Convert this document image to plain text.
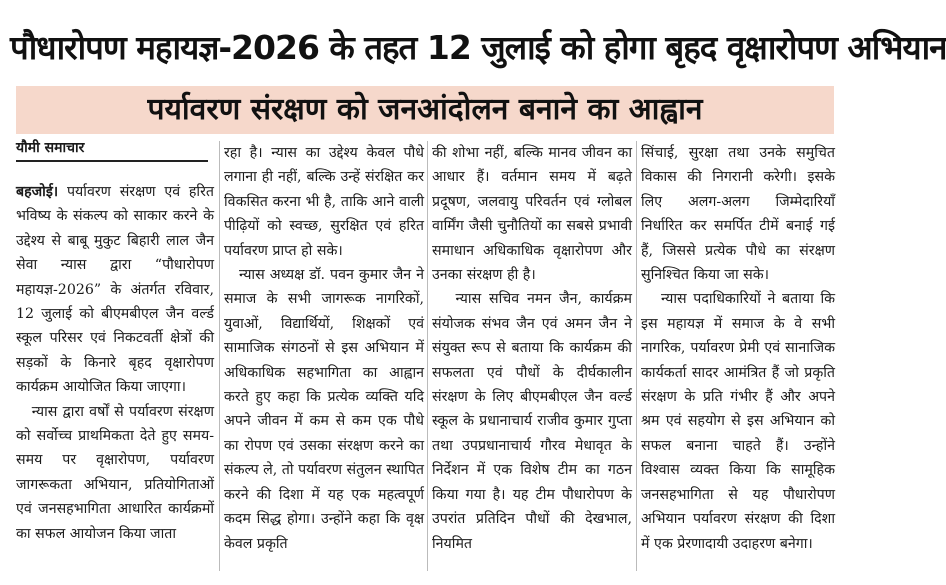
पौधारोपण महायज्ञ-2026 के तहत 12 जुलाई को होगा बृहद वृक्षारोपण अभियान
पर्यावरण संरक्षण को जनआंदोलन बनाने का आह्वान
यौमी समाचार

बहजोई। पर्यावरण संरक्षण एवं हरित भविष्य के संकल्प को साकार करने के उद्देश्य से बाबू मुकुट बिहारी लाल जैन सेवा न्यास द्वारा “पौधारोपण महायज्ञ-2026” के अंतर्गत रविवार, 12 जुलाई को बीएमबीएल जैन वर्ल्ड स्कूल परिसर एवं निकटवर्ती क्षेत्रों की सड़कों के किनारे बृहद वृक्षारोपण कार्यक्रम आयोजित किया जाएगा।

न्यास द्वारा वर्षों से पर्यावरण संरक्षण को सर्वोच्च प्राथमिकता देते हुए समय-समय पर वृक्षारोपण, पर्यावरण जागरूकता अभियान, प्रतियोगिताओं एवं जनसहभागिता आधारित कार्यक्रमों का सफल आयोजन किया जाता

रहा है। न्यास का उद्देश्य केवल पौधे लगाना ही नहीं, बल्कि उन्हें संरक्षित कर विकसित करना भी है, ताकि आने वाली पीढ़ियों को स्वच्छ, सुरक्षित एवं हरित पर्यावरण प्राप्त हो सके।

न्यास अध्यक्ष डॉ. पवन कुमार जैन ने समाज के सभी जागरूक नागरिकों, युवाओं, विद्यार्थियों, शिक्षकों एवं सामाजिक संगठनों से इस अभियान में अधिकाधिक सहभागिता का आह्वान करते हुए कहा कि प्रत्येक व्यक्ति यदि अपने जीवन में कम से कम एक पौधे का रोपण एवं उसका संरक्षण करने का संकल्प ले, तो पर्यावरण संतुलन स्थापित करने की दिशा में यह एक महत्वपूर्ण कदम सिद्ध होगा। उन्होंने कहा कि वृक्ष केवल प्रकृति

की शोभा नहीं, बल्कि मानव जीवन का आधार हैं। वर्तमान समय में बढ़ते प्रदूषण, जलवायु परिवर्तन एवं ग्लोबल वार्मिंग जैसी चुनौतियों का सबसे प्रभावी समाधान अधिकाधिक वृक्षारोपण और उनका संरक्षण ही है।

न्यास सचिव नमन जैन, कार्यक्रम संयोजक संभव जैन एवं अमन जैन ने संयुक्त रूप से बताया कि कार्यक्रम की सफलता एवं पौधों के दीर्घकालीन संरक्षण के लिए बीएमबीएल जैन वर्ल्ड स्कूल के प्रधानाचार्य राजीव कुमार गुप्ता तथा उपप्रधानाचार्य गौरव मेधावृत के निर्देशन में एक विशेष टीम का गठन किया गया है। यह टीम पौधारोपण के उपरांत प्रतिदिन पौधों की देखभाल, नियमित

सिंचाई, सुरक्षा तथा उनके समुचित विकास की निगरानी करेगी। इसके लिए अलग-अलग जिम्मेदारियाँ निर्धारित कर समर्पित टीमें बनाई गई हैं, जिससे प्रत्येक पौधे का संरक्षण सुनिश्चित किया जा सके।

न्यास पदाधिकारियों ने बताया कि इस महायज्ञ में समाज के वे सभी नागरिक, पर्यावरण प्रेमी एवं सानाजिक कार्यकर्ता सादर आमंत्रित हैं जो प्रकृति संरक्षण के प्रति गंभीर हैं और अपने श्रम एवं सहयोग से इस अभियान को सफल बनाना चाहते हैं। उन्होंने विश्वास व्यक्त किया कि सामूहिक जनसहभागिता से यह पौधारोपण अभियान पर्यावरण संरक्षण की दिशा में एक प्रेरणादायी उदाहरण बनेगा।
